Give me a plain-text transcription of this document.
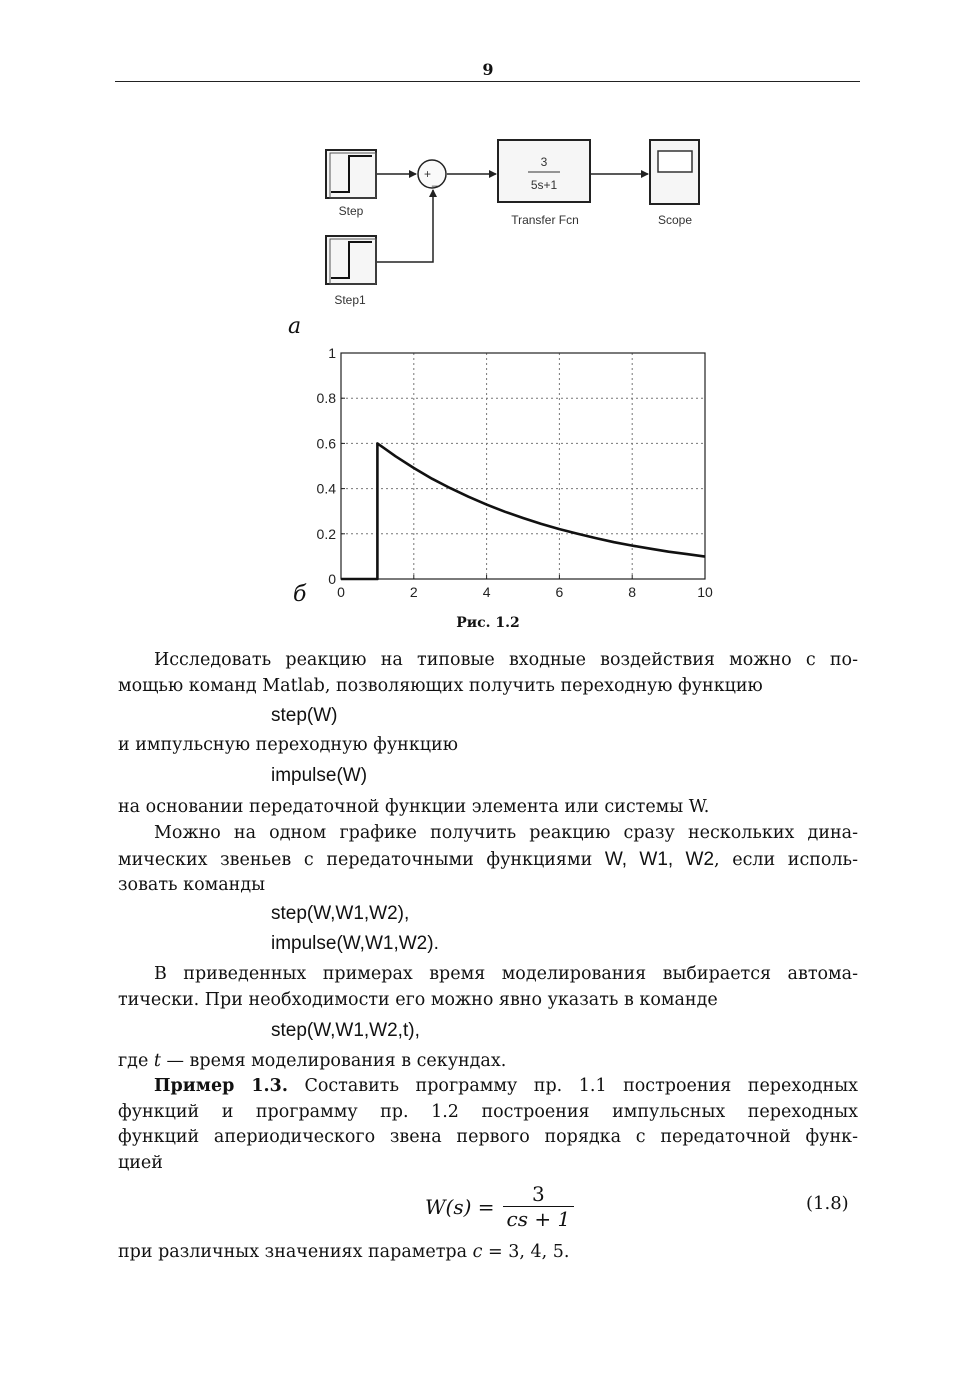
9
Step
Step1
+ _
3
5s+1
Transfer Fcn	Scope
a
0	2	4	6	8	10
0
0.2
0.4
0.6
0.8
1
б
Рис. 1.2
Исследовать реакцию на типовые входные воздействия можно с по-
мощью команд Matlab, позволяющих получить переходную функцию
step(W)
и импульсную переходную функцию
impulse(W)
на основании передаточной функции элемента или системы W.
Можно на одном графике получить реакцию сразу нескольких дина-
мических звеньев с передаточными функциями W, W1, W2, если исполь-
зовать команды
step(W,W1,W2),
impulse(W,W1,W2).
В приведенных примерах время моделирования выбирается автома-
тически. При необходимости его можно явно указать в команде
step(W,W1,W2,t),
где t — время моделирования в секундах.
Пример 1.3. Составить программу пр. 1.1 построения переходных
функций и программу пр. 1.2 построения импульсных переходных
функций апериодического звена первого порядка с передаточной функ-
цией
$W(s) = \frac{3}{cs + 1}$	(1.8)
при различных значениях параметра c = 3, 4, 5.
